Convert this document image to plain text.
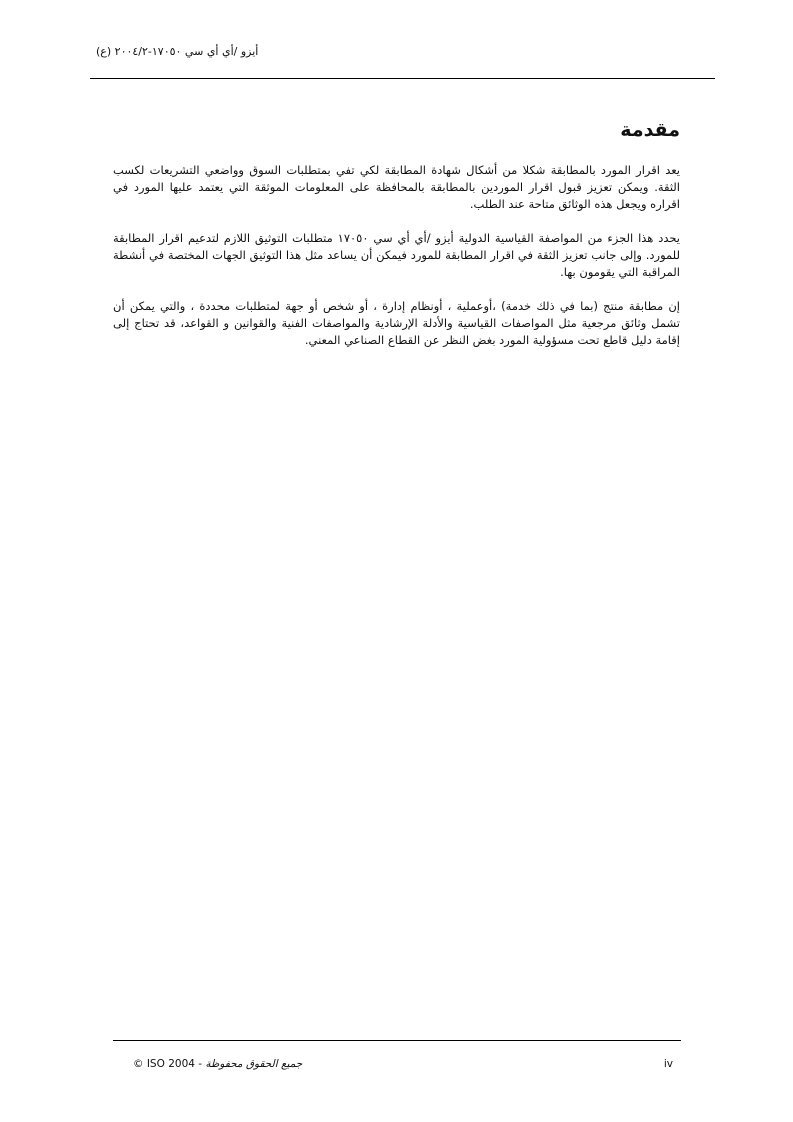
أيزو /أي أي سي ١٧٠٥٠-٢٠٠٤/٢ (ع)
مقدمة

يعد اقرار المورد بالمطابقة شكلا من أشكال شهادة المطابقة لكي تفي بمتطلبات السوق وواضعي التشريعات لكسب الثقة. ويمكن تعزيز قبول اقرار الموردين بالمطابقة بالمحافظة على المعلومات الموثقة التي يعتمد عليها المورد في اقراره ويجعل هذه الوثائق متاحة عند الطلب.

يحدد هذا الجزء من المواصفة القياسية الدولية أيزو /أي أي سي ١٧٠٥٠ متطلبات التوثيق اللازم لتدعيم اقرار المطابقة للمورد. وإلى جانب تعزيز الثقة في اقرار المطابقة للمورد فيمكن أن يساعد مثل هذا التوثيق الجهات المختصة في أنشطة المراقبة التي يقومون بها.

إن مطابقة منتج (بما في ذلك خدمة) ،أوعملية ، أونظام إدارة ، أو شخص أو جهة لمتطلبات محددة ، والتي يمكن أن تشمل وثائق مرجعية مثل المواصفات القياسية والأدلة الإرشادية والمواصفات الفنية والقوانين و القواعد، قد تحتاج إلى إقامة دليل قاطع تحت مسؤولية المورد بغض النظر عن القطاع الصناعي المعني.

© ISO 2004 - جميع الحقوق محفوظة	iv
